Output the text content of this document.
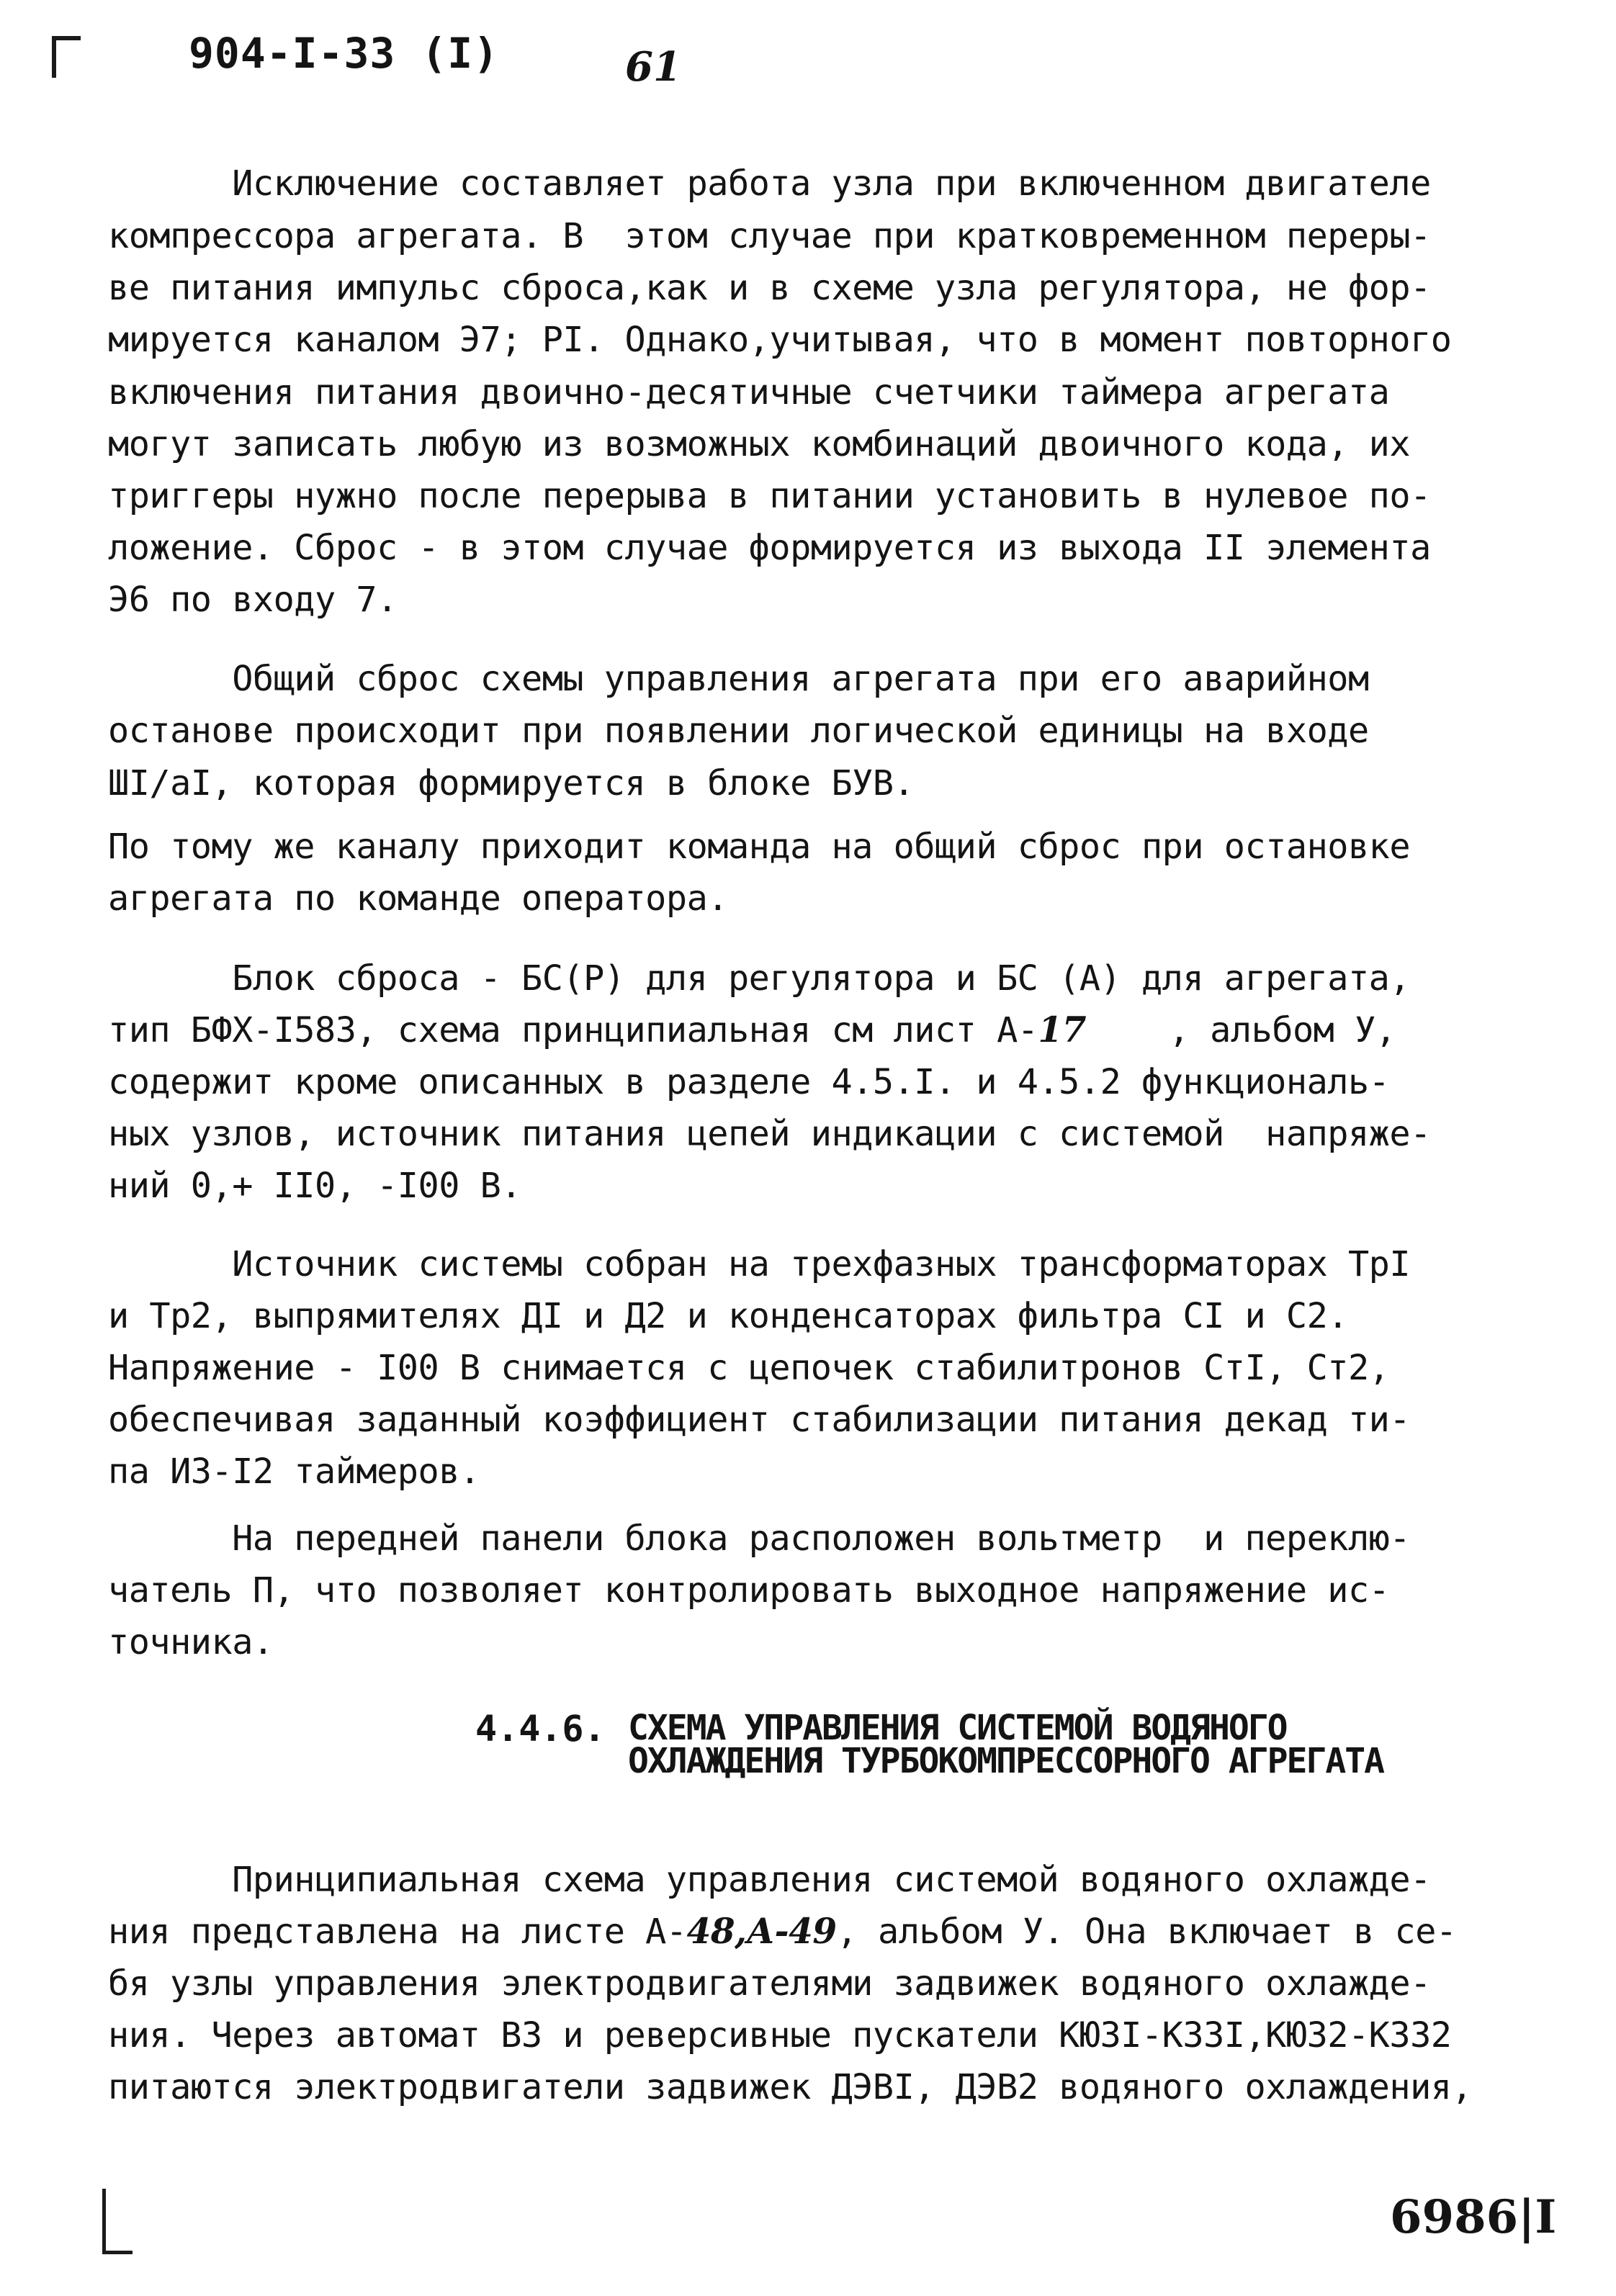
904-I-33 (I)	61
Исключение составляет работа узла при включенном двигателе
компрессора агрегата. В  этом случае при кратковременном переры-
ве питания импульс сброса,как и в схеме узла регулятора, не фор-
мируется каналом Э7; РI. Однако,учитывая, что в момент повторного
включения питания двоично-десятичные счетчики таймера агрегата
могут записать любую из возможных комбинаций двоичного кода, их
триггеры нужно после перерыва в питании установить в нулевое по-
ложение. Сброс - в этом случае формируется из выхода II элемента
Э6 по входу 7.
Общий сброс схемы управления агрегата при его аварийном
останове происходит при появлении логической единицы на входе
ШI/aI, которая формируется в блоке БУВ.
По тому же каналу приходит команда на общий сброс при остановке
агрегата по команде оператора.
Блок сброса - БС(Р) для регулятора и БС (А) для агрегата,
тип БФХ-I583, схема принципиальная см лист А-17    , альбом У,
содержит кроме описанных в разделе 4.5.I. и 4.5.2 функциональ-
ных узлов, источник питания цепей индикации с системой  напряже-
ний 0,+ II0, -I00 В.
Источник системы собран на трехфазных трансформаторах ТрI
и Тр2, выпрямителях ДI и Д2 и конденсаторах фильтра СI и С2.
Напряжение - I00 В снимается с цепочек стабилитронов СтI, Ст2,
обеспечивая заданный коэффициент стабилизации питания декад ти-
па ИЗ-I2 таймеров.
На передней панели блока расположен вольтметр  и переклю-
чатель П, что позволяет контролировать выходное напряжение ис-
точника.
4.4.6. СХЕМА УПРАВЛЕНИЯ СИСТЕМОЙ ВОДЯНОГО
ОХЛАЖДЕНИЯ ТУРБОКОМПРЕССОРНОГО АГРЕГАТА
Принципиальная схема управления системой водяного охлажде-
ния представлена на листе А-48,А-49, альбом У. Она включает в се-
бя узлы управления электродвигателями задвижек водяного охлажде-
ния. Через автомат ВЗ и реверсивные пускатели КЮЗI-КЗЗI,КЮЗ2-КЗЗ2
питаются электродвигатели задвижек ДЭВI, ДЭВ2 водяного охлаждения,
6986|I
